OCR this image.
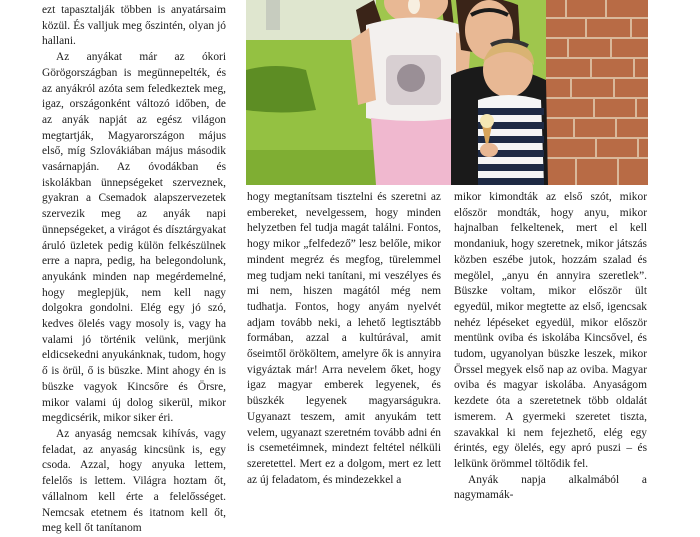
ezt tapasztalják többen is anyatársaim közül. És valljuk meg őszintén, olyan jó hallani.

Az anyákat már az ókori Görögországban is megünnepelték, és az anyákról azóta sem feledkeztek meg, igaz, országonként változó időben, de az anyák napját az egész világon megtartják, Magyarországon május első, míg Szlovákiában május második vasárnapján. Az óvodákban és iskolákban ünnepségeket szerveznek, gyakran a Csemadok alapszervezetek szervezik meg az anyák napi ünnepségeket, a virágot és dísztárgyakat áruló üzletek pedig külön felkészülnek erre a napra, pedig, ha belegondolunk, anyukánk minden nap megérdemelné, hogy meglepjük, nem kell nagy dolgokra gondolni. Elég egy jó szó, kedves ölelés vagy mosoly is, vagy ha valami jó történik velünk, merjünk eldicsekedni anyukánknak, tudom, hogy ő is örül, ő is büszke. Mint ahogy én is büszke vagyok Kincsőre és Örsre, mikor valami új dolog sikerül, mikor megdicsérik, mikor siker éri.

Az anyaság nemcsak kihívás, vagy feladat, az anyaság kincsünk is, egy csoda. Azzal, hogy anyuka lettem, felelős is lettem. Világra hoztam őt, vállalnom kell érte a felelősséget. Nemcsak etetnem és itatnom kell őt, meg kell őt tanítanom

hogy megtanítsam tisztelni és szeretni az embereket, nevelgessem, hogy minden helyzetben fel tudja magát találni. Fontos, hogy mikor „felfedező” lesz belőle, mikor mindent megréz és megfog, türelemmel meg tudjam neki tanítani, mi veszélyes és mi nem, hiszen magától még nem tudhatja. Fontos, hogy anyám nyelvét adjam tovább neki, a lehető legtisztább formában, azzal a kultúrával, amit őseimtől örököltem, amelyre ők is annyira vigyáztak már! Arra nevelem őket, hogy igaz magyar emberek legyenek, és büszkék legyenek magyarságukra. Ugyanazt teszem, amit anyukám tett velem, ugyanazt szeretném tovább adni én is csemetéimnek, mindezt feltétel nélküli szeretettel. Mert ez a dolgom, mert ez lett az új feladatom, és mindezekkel a

mikor kimondták az első szót, mikor először mondták, hogy anyu, mikor hajnalban felkeltenek, mert el kell mondaniuk, hogy szeretnek, mikor játszás közben eszébe jutok, hozzám szalad és megölel, „anyu én annyira szeretlek”. Büszke voltam, mikor először ült egyedül, mikor megtette az első, igencsak nehéz lépéseket egyedül, mikor először mentünk oviba és iskolába Kincsővel, és tudom, ugyanolyan büszke leszek, mikor Örssel megyek első nap az oviba. Magyar oviba és magyar iskolába. Anyaságom kezdete óta a szeretetnek több oldalát ismerem. A gyermeki szeretet tiszta, szavakkal ki nem fejezhető, elég egy érintés, egy ölelés, egy apró puszi – és lelkünk örömmel töltődik fel.

Anyák napja alkalmából a nagymamák-
